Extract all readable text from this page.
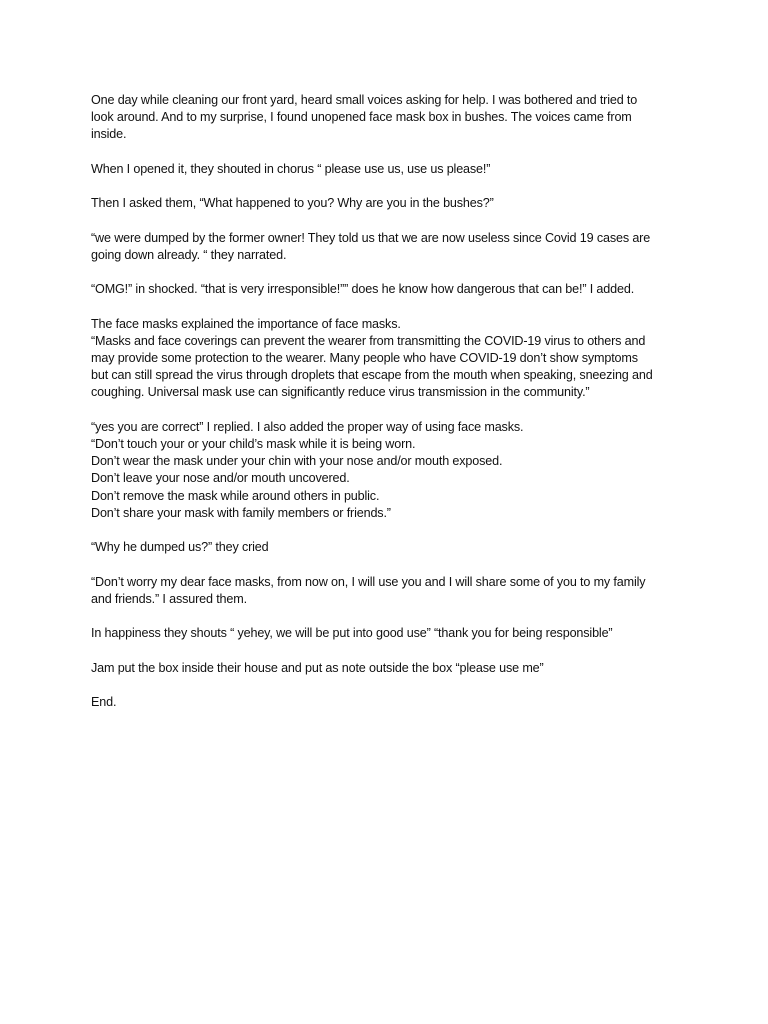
One day while cleaning our front yard, heard small voices asking for help. I was bothered and tried to
look around. And to my surprise, I found unopened face mask box in bushes. The voices came from
inside.

When I opened it, they shouted in chorus “ please use us, use us please!”

Then I asked them, “What happened to you? Why are you in the bushes?”

“we were dumped by the former owner! They told us that we are now useless since Covid 19 cases are
going down already. “ they narrated.

“OMG!” in shocked. “that is very irresponsible!”” does he know how dangerous that can be!” I added.

The face masks explained the importance of face masks.
“Masks and face coverings can prevent the wearer from transmitting the COVID-19 virus to others and
may provide some protection to the wearer. Many people who have COVID-19 don’t show symptoms
but can still spread the virus through droplets that escape from the mouth when speaking, sneezing and
coughing. Universal mask use can significantly reduce virus transmission in the community.”

“yes you are correct” I replied. I also added the proper way of using face masks.
“Don’t touch your or your child’s mask while it is being worn.
Don’t wear the mask under your chin with your nose and/or mouth exposed.
Don’t leave your nose and/or mouth uncovered.
Don’t remove the mask while around others in public.
Don’t share your mask with family members or friends.”

“Why he dumped us?” they cried

“Don’t worry my dear face masks, from now on, I will use you and I will share some of you to my family
and friends.” I assured them.

In happiness they shouts “ yehey, we will be put into good use” “thank you for being responsible”

Jam put the box inside their house and put as note outside the box “please use me”

End.
